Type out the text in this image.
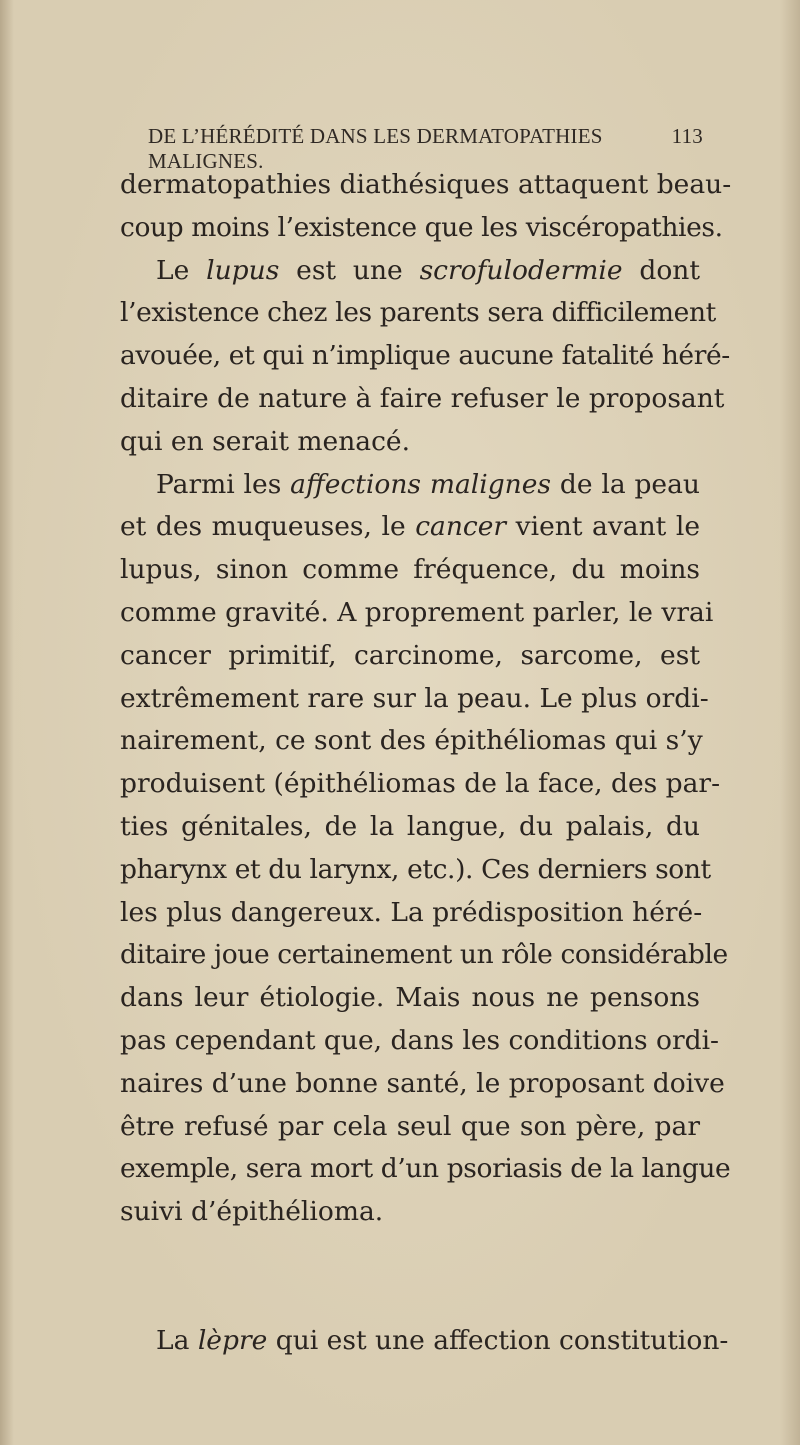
DE L’HÉRÉDITÉ DANS LES DERMATOPATHIES MALIGNES.
113
dermatopathies diathésiques attaquent beau-
coup moins l’existence que les viscéropathies.
Le lupus est une scrofulodermie dont
l’existence chez les parents sera difficilement
avouée, et qui n’implique aucune fatalité héré-
ditaire de nature à faire refuser le proposant
qui en serait menacé.
Parmi les affections malignes de la peau
et des muqueuses, le cancer vient avant le
lupus, sinon comme fréquence, du moins
comme gravité. A proprement parler, le vrai
cancer primitif, carcinome, sarcome, est
extrêmement rare sur la peau. Le plus ordi-
nairement, ce sont des épithéliomas qui s’y
produisent (épithéliomas de la face, des par-
ties génitales, de la langue, du palais, du
pharynx et du larynx, etc.). Ces derniers sont
les plus dangereux. La prédisposition héré-
ditaire joue certainement un rôle considérable
dans leur étiologie. Mais nous ne pensons
pas cependant que, dans les conditions ordi-
naires d’une bonne santé, le proposant doive
être refusé par cela seul que son père, par
exemple, sera mort d’un psoriasis de la langue
suivi d’épithélioma.
La lèpre qui est une affection constitution-
